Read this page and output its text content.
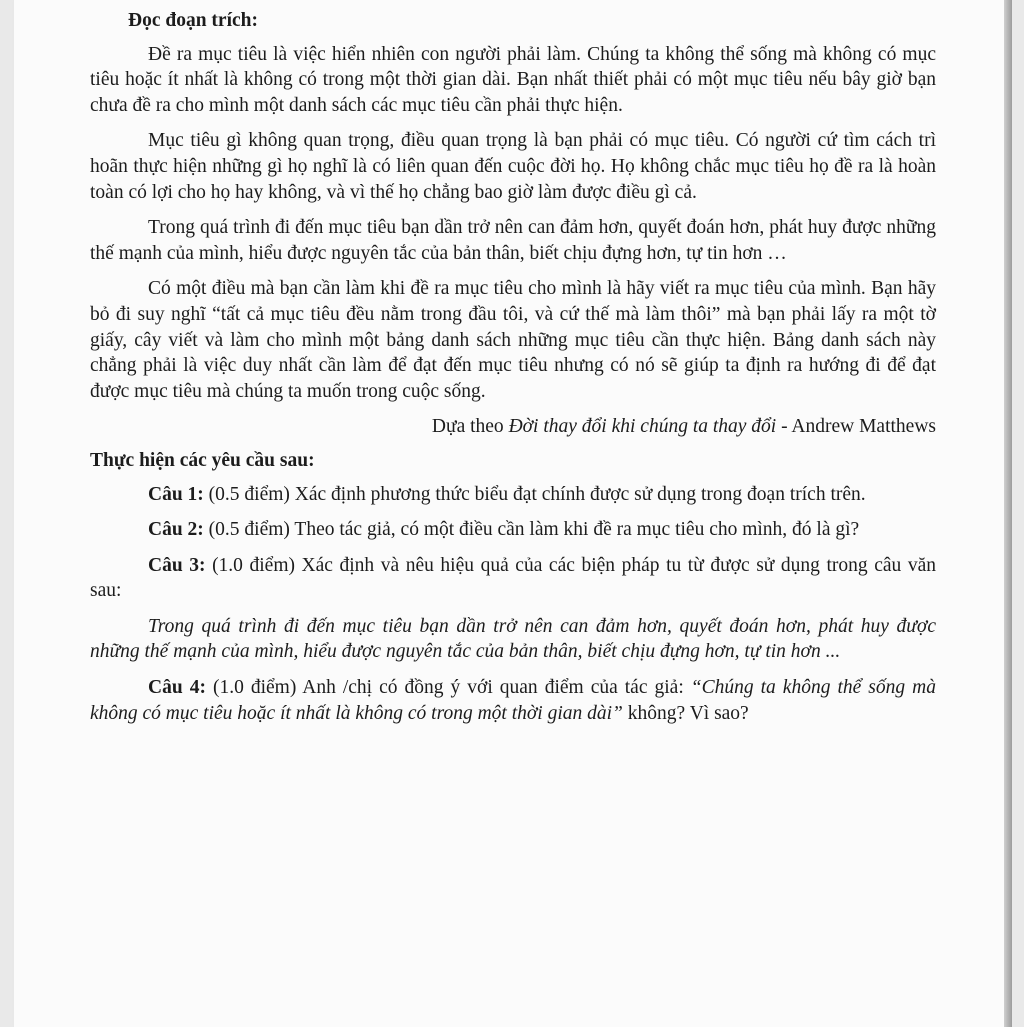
Đọc đoạn trích:

Đề ra mục tiêu là việc hiển nhiên con người phải làm. Chúng ta không thể sống mà không có mục tiêu hoặc ít nhất là không có trong một thời gian dài. Bạn nhất thiết phải có một mục tiêu nếu bây giờ bạn chưa đề ra cho mình một danh sách các mục tiêu cần phải thực hiện.

Mục tiêu gì không quan trọng, điều quan trọng là bạn phải có mục tiêu. Có người cứ tìm cách trì hoãn thực hiện những gì họ nghĩ là có liên quan đến cuộc đời họ. Họ không chắc mục tiêu họ đề ra là hoàn toàn có lợi cho họ hay không, và vì thế họ chẳng bao giờ làm được điều gì cả.

Trong quá trình đi đến mục tiêu bạn dần trở nên can đảm hơn, quyết đoán hơn, phát huy được những thế mạnh của mình, hiểu được nguyên tắc của bản thân, biết chịu đựng hơn, tự tin hơn …

Có một điều mà bạn cần làm khi đề ra mục tiêu cho mình là hãy viết ra mục tiêu của mình. Bạn hãy bỏ đi suy nghĩ “tất cả mục tiêu đều nằm trong đầu tôi, và cứ thế mà làm thôi” mà bạn phải lấy ra một tờ giấy, cây viết và làm cho mình một bảng danh sách những mục tiêu cần thực hiện. Bảng danh sách này chẳng phải là việc duy nhất cần làm để đạt đến mục tiêu nhưng có nó sẽ giúp ta định ra hướng đi để đạt được mục tiêu mà chúng ta muốn trong cuộc sống.

Dựa theo Đời thay đổi khi chúng ta thay đổi - Andrew Matthews

Thực hiện các yêu cầu sau:

Câu 1: (0.5 điểm) Xác định phương thức biểu đạt chính được sử dụng trong đoạn trích trên.

Câu 2: (0.5 điểm) Theo tác giả, có một điều cần làm khi đề ra mục tiêu cho mình, đó là gì?

Câu 3: (1.0 điểm) Xác định và nêu hiệu quả của các biện pháp tu từ được sử dụng trong câu văn sau:

Trong quá trình đi đến mục tiêu bạn dần trở nên can đảm hơn, quyết đoán hơn, phát huy được những thế mạnh của mình, hiểu được nguyên tắc của bản thân, biết chịu đựng hơn, tự tin hơn ...

Câu 4: (1.0 điểm) Anh /chị có đồng ý với quan điểm của tác giả: “Chúng ta không thể sống mà không có mục tiêu hoặc ít nhất là không có trong một thời gian dài” không? Vì sao?
